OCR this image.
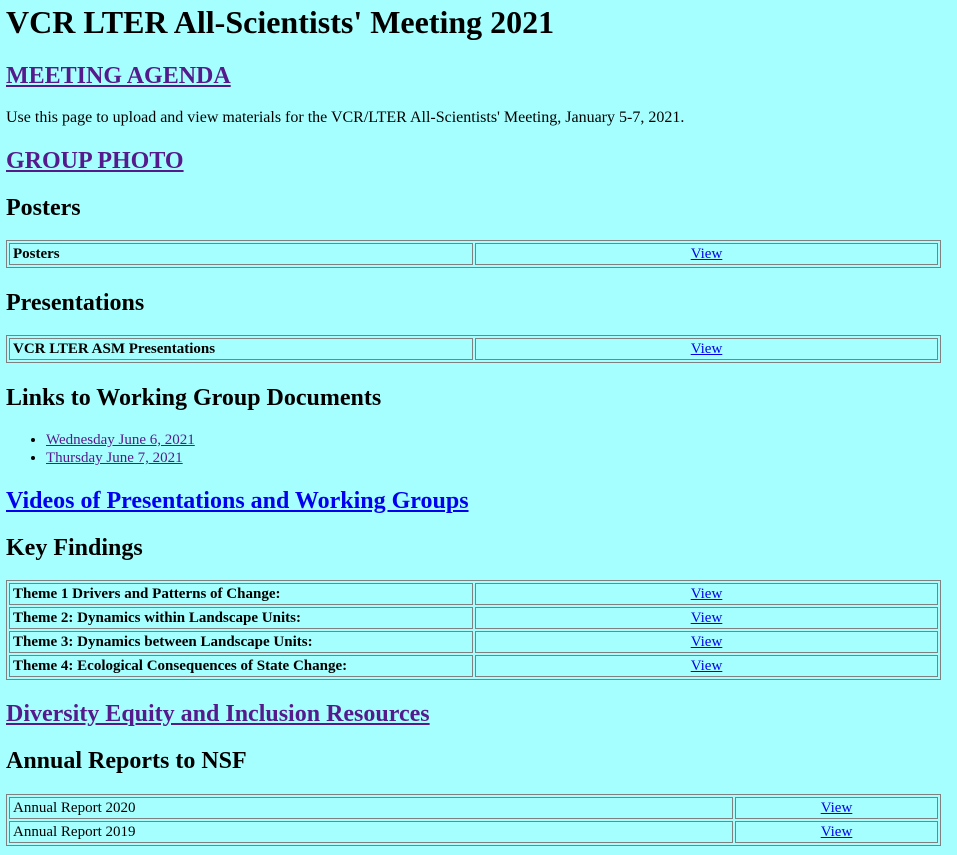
VCR LTER All-Scientists' Meeting 2021
MEETING AGENDA
Use this page to upload and view materials for the VCR/LTER All-Scientists' Meeting, January 5-7, 2021.
GROUP PHOTO
Posters
Posters	View
Presentations
VCR LTER ASM Presentations	View
Links to Working Group Documents
• Wednesday June 6, 2021
• Thursday June 7, 2021
Videos of Presentations and Working Groups
Key Findings
Theme 1 Drivers and Patterns of Change:	View
Theme 2: Dynamics within Landscape Units:	View
Theme 3: Dynamics between Landscape Units:	View
Theme 4: Ecological Consequences of State Change:	View
Diversity Equity and Inclusion Resources
Annual Reports to NSF
Annual Report 2020	View
Annual Report 2019	View
